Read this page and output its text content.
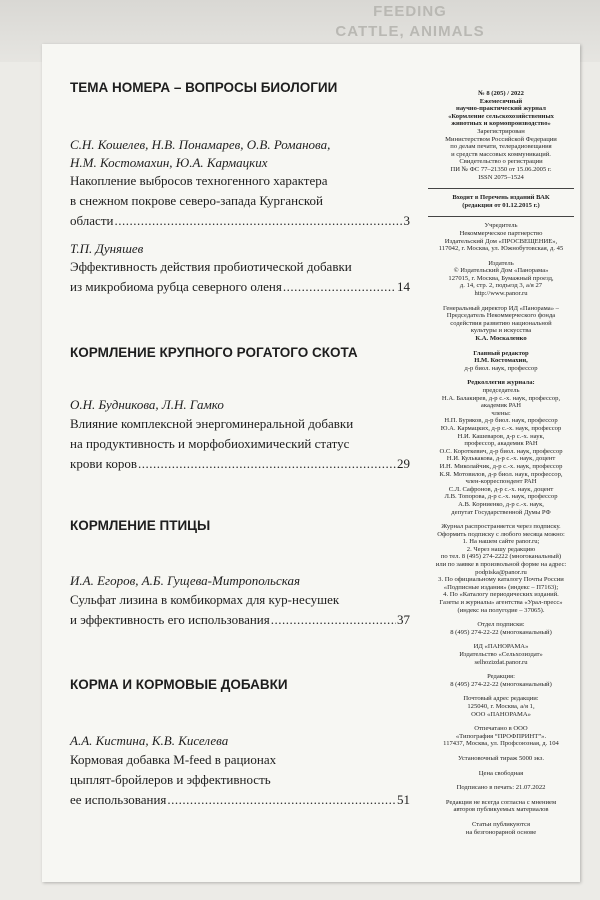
FEEDING
CATTLE, ANIMALS
ТЕМА НОМЕРА – ВОПРОСЫ БИОЛОГИИ
С.Н. Кошелев, Н.В. Понамарев, О.В. Романова,
Н.М. Костомахин, Ю.А. Кармацких
Накопление выбросов техногенного характера
в снежном покрове северо-запада Курганской
области .....	3
Т.П. Дуняшев
Эффективность действия пробиотической добавки
из микробиома рубца северного оленя .....	14
КОРМЛЕНИЕ КРУПНОГО РОГАТОГО СКОТА
О.Н. Будникова, Л.Н. Гамко
Влияние комплексной энергоминеральной добавки
на продуктивность и морфобиохимический статус
крови коров .....	29
КОРМЛЕНИЕ ПТИЦЫ
И.А. Егоров, А.Б. Гущева-Митропольская
Сульфат лизина в комбикормах для кур-несушек
и эффективность его использования .....	37
КОРМА И КОРМОВЫЕ ДОБАВКИ
А.А. Кистина, К.В. Киселева
Кормовая добавка M-feed в рационах
цыплят-бройлеров и эффективность
ее использования .....	51
№ 8 (205) / 2022
Ежемесячный
научно-практический журнал
«Кормление сельскохозяйственных
животных и кормопроизводство»
Зарегистрирован
Министерством Российской Федерации
по делам печати, телерадиовещания
и средств массовых коммуникаций.
Свидетельство о регистрации
ПИ № ФС 77–21350 от 15.06.2005 г.
ISSN 2075–1524
Входит в Перечень изданий ВАК
(редакция от 01.12.2015 г.)
Учредитель
Некоммерческое партнерство
Издательский Дом «ПРОСВЕЩЕНИЕ»,
117042, г. Москва, ул. Южнобутовская, д. 45
Издатель
© Издательский Дом «Панорама»
127015, г. Москва, Бумажный проезд,
д. 14, стр. 2, подъезд 3, а/я 27
http://www.panor.ru
Генеральный директор ИД «Панорама» –
Председатель Некоммерческого фонда
содействия развитию национальной
культуры и искусства
К.А. Москаленко
Главный редактор
Н.М. Костомахин,
д-р биол. наук, профессор
Редколлегия журнала:
председатель
Н.А. Балакирев, д-р с.-х. наук, профессор,
академик РАН
члены:
Н.П. Буряков, д-р биол. наук, профессор
Ю.А. Кармацких, д-р с.-х. наук, профессор
Н.И. Кашеваров, д-р с.-х. наук,
профессор, академик РАН
О.С. Короткевич, д-р биол. наук, профессор
Н.И. Кулькакова, д-р с.-х. наук, доцент
И.Н. Миколайчик, д-р с.-х. наук, профессор
К.Я. Мотовилов, д-р биол. наук, профессор,
член-корреспондент РАН
С.Л. Сафронов, д-р с.-х. наук, доцент
Л.В. Топорова, д-р с.-х. наук, профессор
А.В. Корниенко, д-р с.-х. наук,
депутат Государственной Думы РФ
Журнал распространяется через подписку.
Оформить подписку с любого месяца можно:
1. На нашем сайте panor.ru;
2. Через нашу редакцию
по тел. 8 (495) 274-2222 (многоканальный)
или по заявке в произвольной форме на адрес:
podpiska@panor.ru
3. По официальному каталогу Почты России
«Подписные издания» (индекс – П7163);
4. По «Каталогу периодических изданий.
Газеты и журналы» агентства «Урал-пресс»
(индекс на полугодие – 37065).
Отдел подписки:
8 (495) 274-22-22 (многоканальный)
ИД «ПАНОРАМА»
Издательство «Сельхозиздат»
selhozizdat.panor.ru
Редакция:
8 (495) 274-22-22 (многоканальный)
Почтовый адрес редакции:
125040, г. Москва, а/я 1,
ООО «ПАНОРАМА»
Отпечатано в ООО
«Типография “ПРОФПРИНТ”».
117437, Москва, ул. Профсоюзная, д. 104
Установочный тираж 5000 экз.
Цена свободная
Подписано в печать: 21.07.2022
Редакция не всегда согласна с мнением
авторов публикуемых материалов
Статьи публикуются
на безгонорарной основе
